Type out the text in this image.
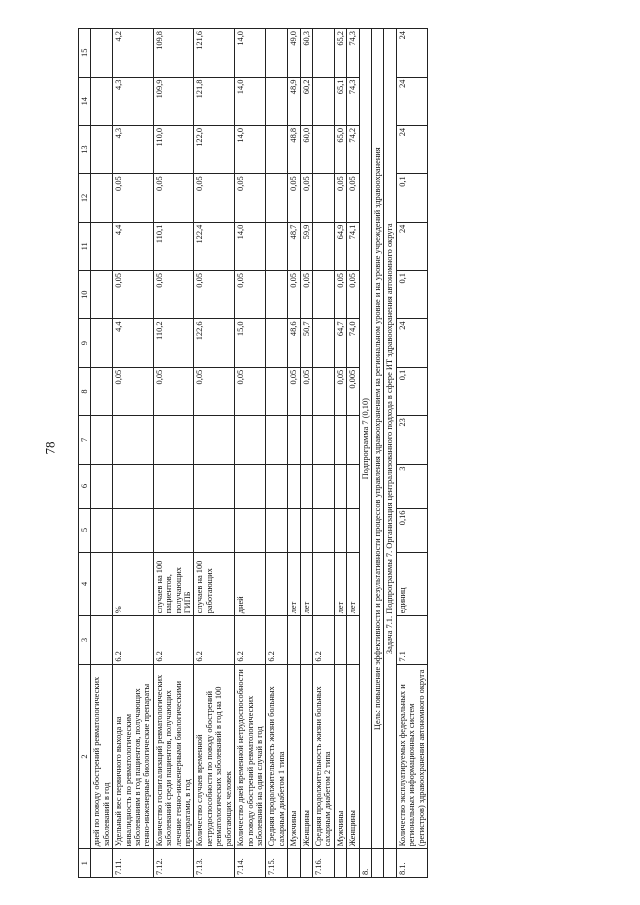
78
1	2	3	4	5	6	7	8	9	10	11	12	13	14	15
	дней по поводу обострений ревматологических заболеваний в год													
7.11.	Удельный вес первичного выхода на инвалидность по ревматологическим заболеваниям в год пациентов, получающих генно-инженерные биологические препараты	6.2	%				0,05	4,4	0,05	4,4	0,05	4,3	4,3	4,2
7.12.	Количество госпитализаций ревматологических заболеваний среди пациентов, получающих лечение генно-инженерными биологическими препаратами, в год	6.2	случаев на 100 пациентов, получающих ГИПБ				0,05	110,2	0,05	110,1	0,05	110,0	109,9	109,8
7.13.	Количество случаев временной нетрудоспособности по поводу обострений ревматологических заболеваний в год на 100 работающих человек	6.2	случаев на 100 работающих				0,05	122,6	0,05	122,4	0,05	122,0	121,8	121,6
7.14.	Количество дней временной нетрудоспособности по поводу обострений ревматологических заболеваний на один случай в год	6.2	дней				0,05	15,0	0,05	14,0	0,05	14,0	14,0	14,0
7.15.	Средняя продолжительность жизни больных сахарным диабетом 1 типа	6.2												
	Мужчины		лет				0,05	48,6	0,05	48,7	0,05	48,8	48,9	49,0
	Женщины		лет				0,05	50,7	0,05	59,9	0,05	60,0	60,2	60,3
7.16.	Средняя продолжительность жизни больных сахарным диабетом 2 типа	6.2												
	Мужчины		лет				0,05	64,7	0,05	64,9	0,05	65,0	65,1	65,2
	Женщины		лет				0,005	74,0	0,05	74,1	0,05	74,2	74,3	74,3
8.	Подпрограмма 7 (0,10)													
	Цель: повышение эффективности и результативности процессов управления здравоохранением на региональном уровне и на уровне учреждений здравоохранения													
	Задача 7.1. Подпрограммы 7. Организация централизованного подхода в сфере ИТ здравоохранения автономного округа													
8.1.	Количество эксплуатируемых федеральных и региональных информационных систем (регистров) здравоохранения автономного округа	7.1	единиц	0,16	3	23	0,1	24	0,1	24	0,1	24	24	24
